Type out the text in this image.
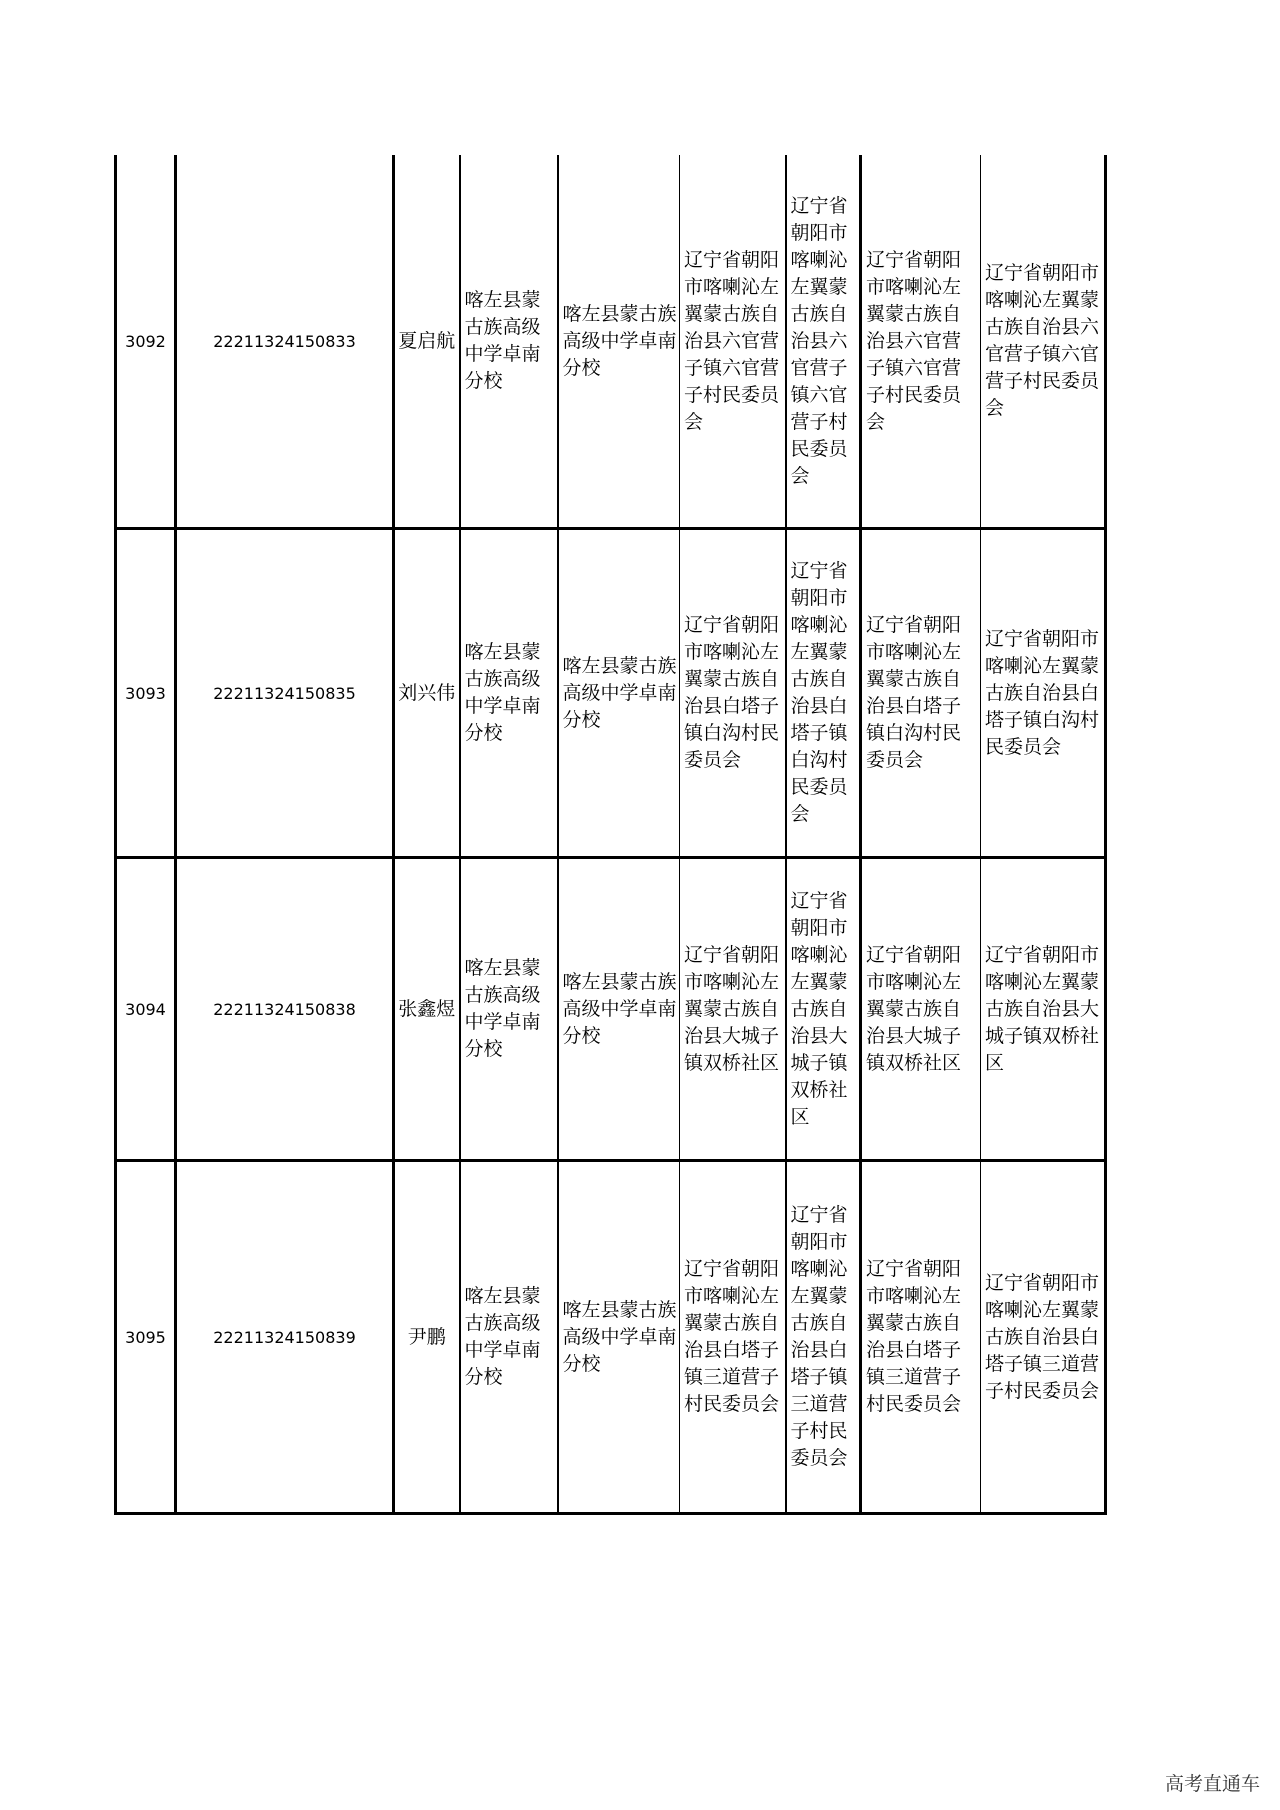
3092	22211324150833	夏启航	喀左县蒙古族高级中学卓南分校	喀左县蒙古族高级中学卓南分校	辽宁省朝阳市喀喇沁左翼蒙古族自治县六官营子镇六官营子村民委员会	辽宁省朝阳市喀喇沁左翼蒙古族自治县六官营子镇六官营子村民委员会	辽宁省朝阳市喀喇沁左翼蒙古族自治县六官营子镇六官营子村民委员会	辽宁省朝阳市喀喇沁左翼蒙古族自治县六官营子镇六官营子村民委员会
3093	22211324150835	刘兴伟	喀左县蒙古族高级中学卓南分校	喀左县蒙古族高级中学卓南分校	辽宁省朝阳市喀喇沁左翼蒙古族自治县白塔子镇白沟村民委员会	辽宁省朝阳市喀喇沁左翼蒙古族自治县白塔子镇白沟村民委员会	辽宁省朝阳市喀喇沁左翼蒙古族自治县白塔子镇白沟村民委员会	辽宁省朝阳市喀喇沁左翼蒙古族自治县白塔子镇白沟村民委员会
3094	22211324150838	张鑫煜	喀左县蒙古族高级中学卓南分校	喀左县蒙古族高级中学卓南分校	辽宁省朝阳市喀喇沁左翼蒙古族自治县大城子镇双桥社区	辽宁省朝阳市喀喇沁左翼蒙古族自治县大城子镇双桥社区	辽宁省朝阳市喀喇沁左翼蒙古族自治县大城子镇双桥社区	辽宁省朝阳市喀喇沁左翼蒙古族自治县大城子镇双桥社区
3095	22211324150839	尹鹏	喀左县蒙古族高级中学卓南分校	喀左县蒙古族高级中学卓南分校	辽宁省朝阳市喀喇沁左翼蒙古族自治县白塔子镇三道营子村民委员会	辽宁省朝阳市喀喇沁左翼蒙古族自治县白塔子镇三道营子村民委员会	辽宁省朝阳市喀喇沁左翼蒙古族自治县白塔子镇三道营子村民委员会	辽宁省朝阳市喀喇沁左翼蒙古族自治县白塔子镇三道营子村民委员会
高考直通车
